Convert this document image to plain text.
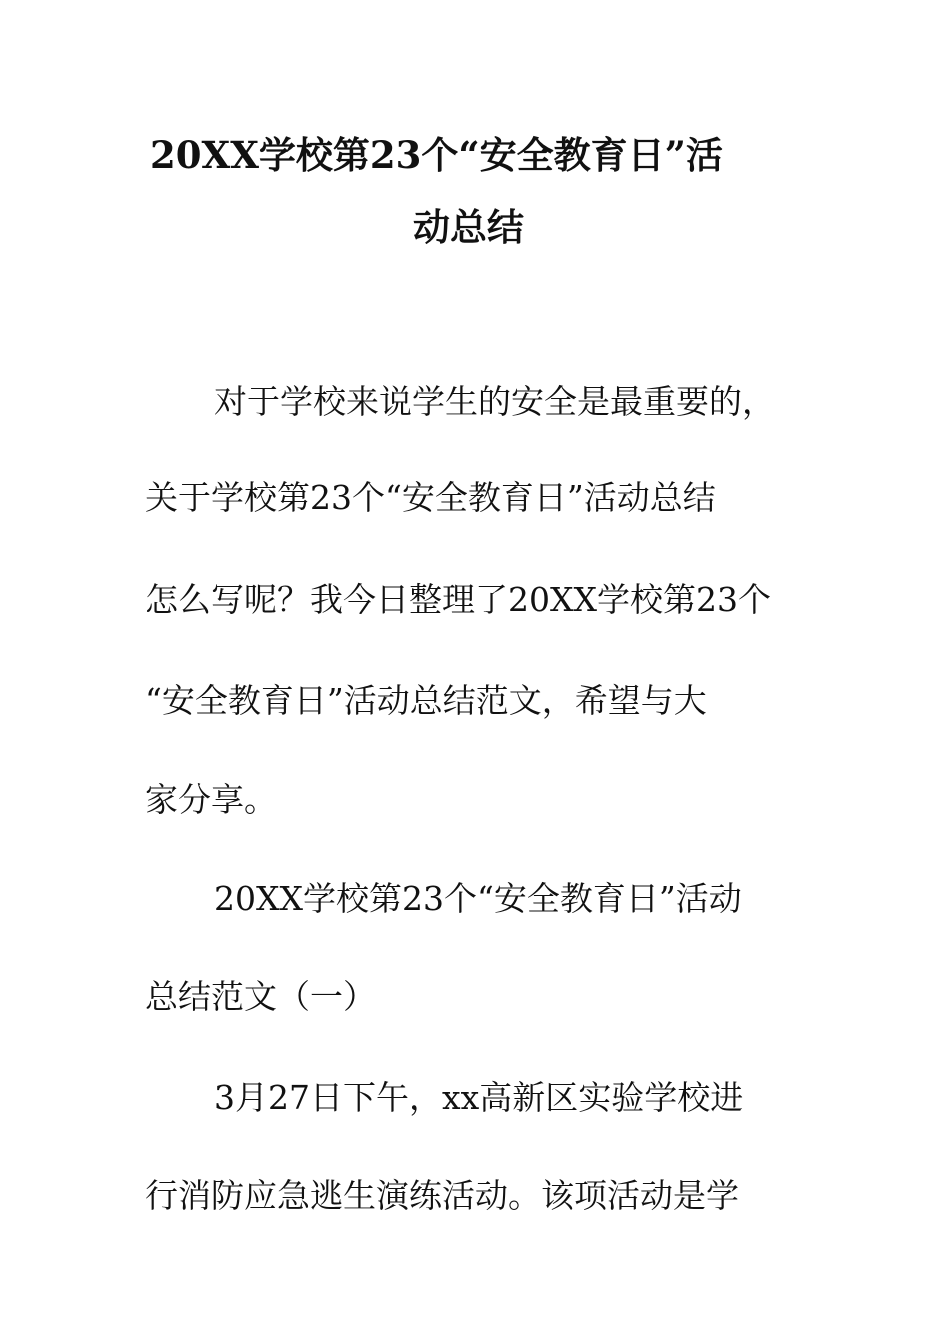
20XX学校第23个“安全教育日”活
动总结
对于学校来说学生的安全是最重要的，
关于学校第23个“安全教育日”活动总结
怎么写呢？我今日整理了20XX学校第23个
“安全教育日”活动总结范文，希望与大
家分享。
20XX学校第23个“安全教育日”活动
总结范文（一）
3月27日下午，xx高新区实验学校进
行消防应急逃生演练活动。该项活动是学
